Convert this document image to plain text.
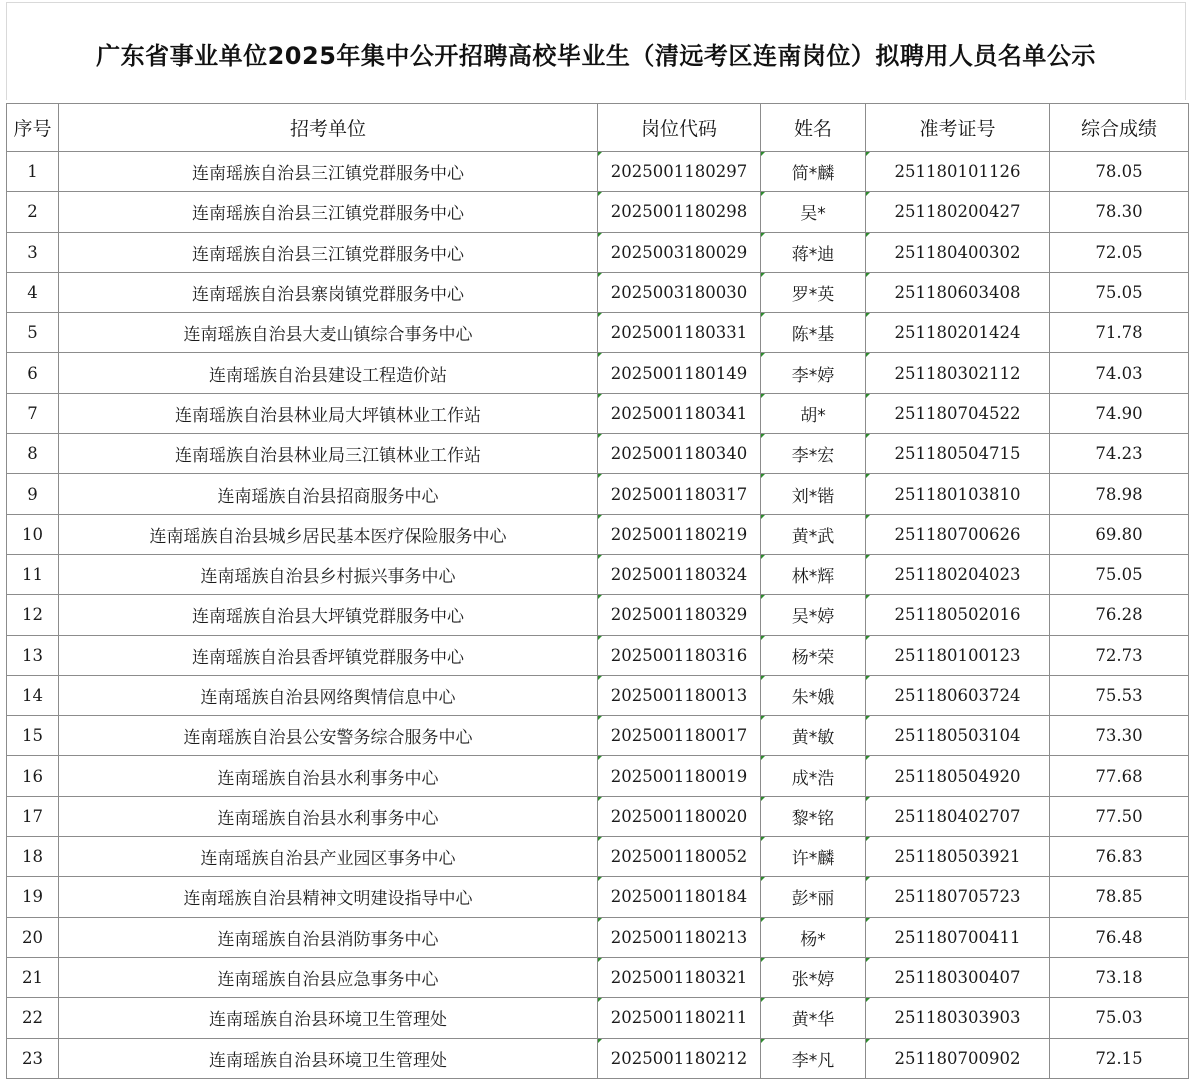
广东省事业单位2025年集中公开招聘高校毕业生（清远考区连南岗位）拟聘用人员名单公示
序号	招考单位	岗位代码	姓名	准考证号	综合成绩
1	连南瑶族自治县三江镇党群服务中心	2025001180297	简*麟	251180101126	78.05
2	连南瑶族自治县三江镇党群服务中心	2025001180298	吴*	251180200427	78.30
3	连南瑶族自治县三江镇党群服务中心	2025003180029	蒋*迪	251180400302	72.05
4	连南瑶族自治县寨岗镇党群服务中心	2025003180030	罗*英	251180603408	75.05
5	连南瑶族自治县大麦山镇综合事务中心	2025001180331	陈*基	251180201424	71.78
6	连南瑶族自治县建设工程造价站	2025001180149	李*婷	251180302112	74.03
7	连南瑶族自治县林业局大坪镇林业工作站	2025001180341	胡*	251180704522	74.90
8	连南瑶族自治县林业局三江镇林业工作站	2025001180340	李*宏	251180504715	74.23
9	连南瑶族自治县招商服务中心	2025001180317	刘*锴	251180103810	78.98
10	连南瑶族自治县城乡居民基本医疗保险服务中心	2025001180219	黄*武	251180700626	69.80
11	连南瑶族自治县乡村振兴事务中心	2025001180324	林*辉	251180204023	75.05
12	连南瑶族自治县大坪镇党群服务中心	2025001180329	吴*婷	251180502016	76.28
13	连南瑶族自治县香坪镇党群服务中心	2025001180316	杨*荣	251180100123	72.73
14	连南瑶族自治县网络舆情信息中心	2025001180013	朱*娥	251180603724	75.53
15	连南瑶族自治县公安警务综合服务中心	2025001180017	黄*敏	251180503104	73.30
16	连南瑶族自治县水利事务中心	2025001180019	成*浩	251180504920	77.68
17	连南瑶族自治县水利事务中心	2025001180020	黎*铭	251180402707	77.50
18	连南瑶族自治县产业园区事务中心	2025001180052	许*麟	251180503921	76.83
19	连南瑶族自治县精神文明建设指导中心	2025001180184	彭*丽	251180705723	78.85
20	连南瑶族自治县消防事务中心	2025001180213	杨*	251180700411	76.48
21	连南瑶族自治县应急事务中心	2025001180321	张*婷	251180300407	73.18
22	连南瑶族自治县环境卫生管理处	2025001180211	黄*华	251180303903	75.03
23	连南瑶族自治县环境卫生管理处	2025001180212	李*凡	251180700902	72.15
